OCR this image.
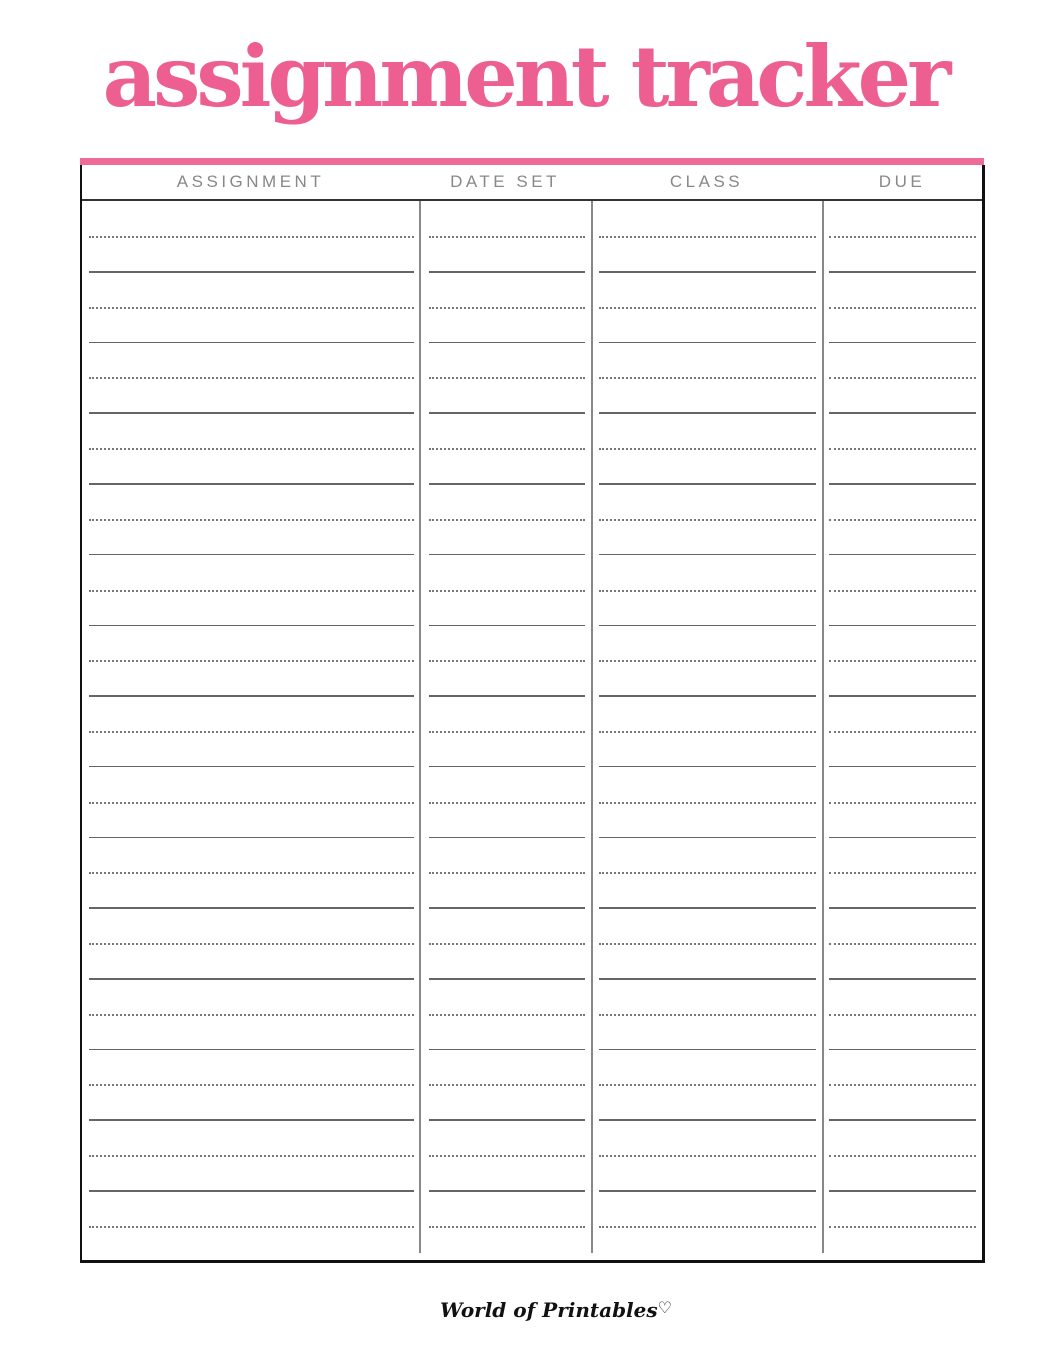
assignment tracker
ASSIGNMENT	DATE SET	CLASS	DUE
World of Printables♡
